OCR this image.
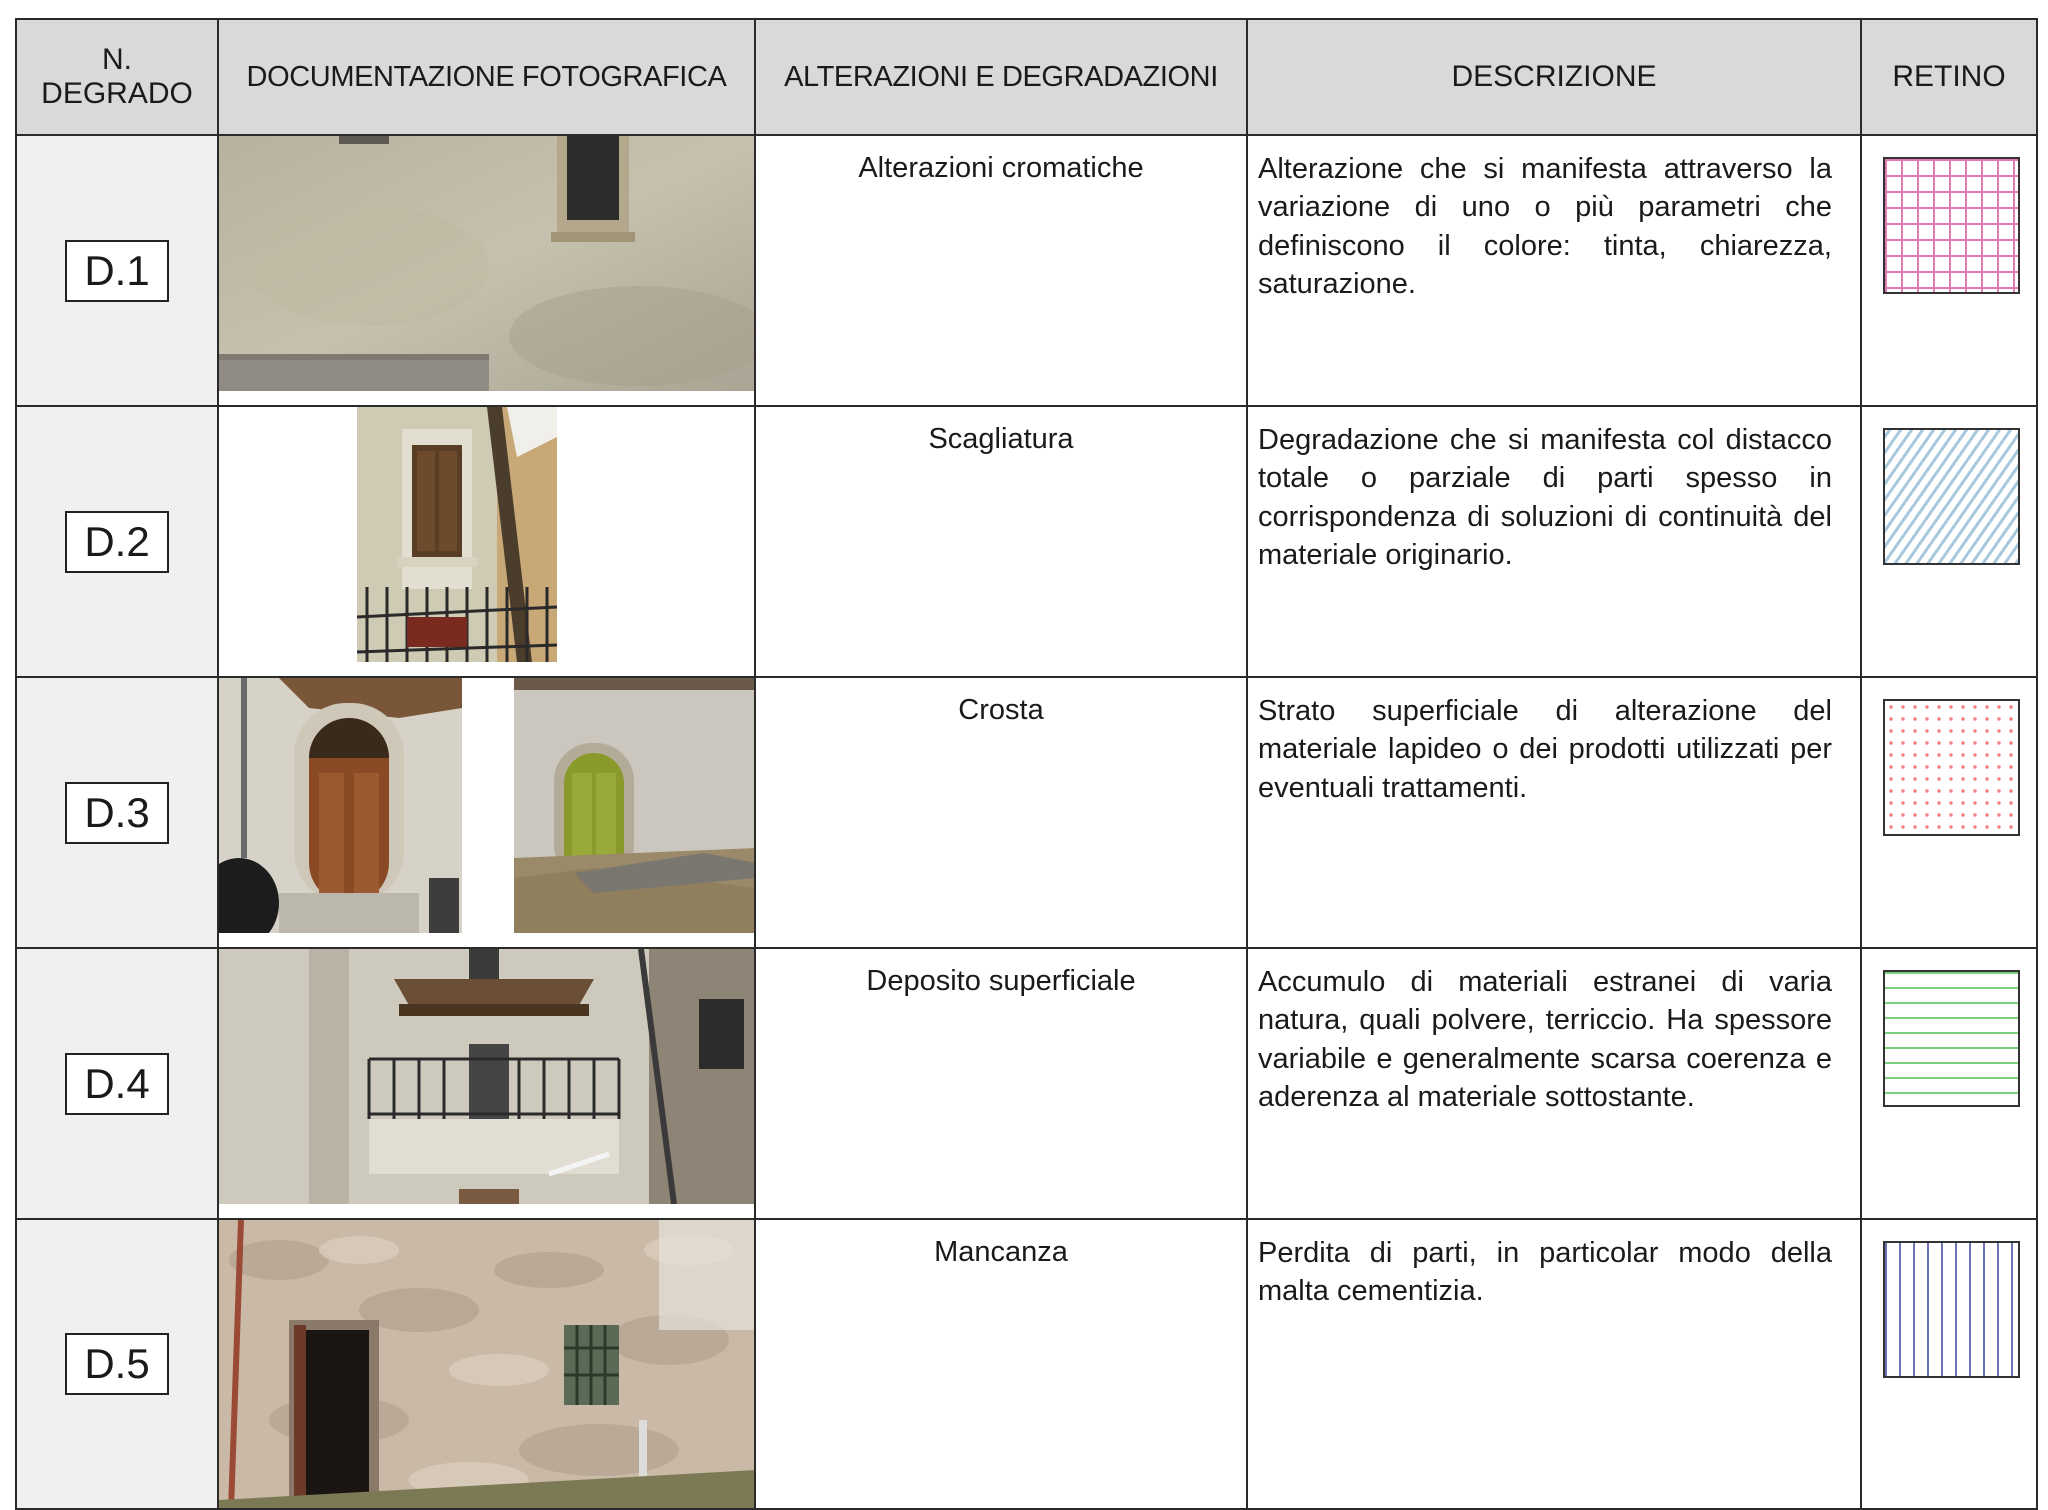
N.
DEGRADO	DOCUMENTAZIONE FOTOGRAFICA	ALTERAZIONI E DEGRADAZIONI	DESCRIZIONE	RETINO
D.1		Alterazioni cromatiche	Alterazione che si manifesta attraverso la variazione di uno o più parametri che definiscono il colore: tinta, chiarezza, saturazione.	

D.2		Scagliatura	Degradazione che si manifesta col distacco totale o parziale di parti spesso in corrispondenza di soluzioni di continuità del materiale originario.	

D.3		Crosta	Strato superficiale di alterazione del materiale lapideo o dei prodotti utilizzati per eventuali trattamenti.	

D.4		Deposito superficiale	Accumulo di materiali estranei di varia natura, quali polvere, terriccio. Ha spessore variabile e generalmente scarsa coerenza e aderenza al materiale sottostante.	

D.5		Mancanza	Perdita di parti, in particolar modo della malta cementizia.	
